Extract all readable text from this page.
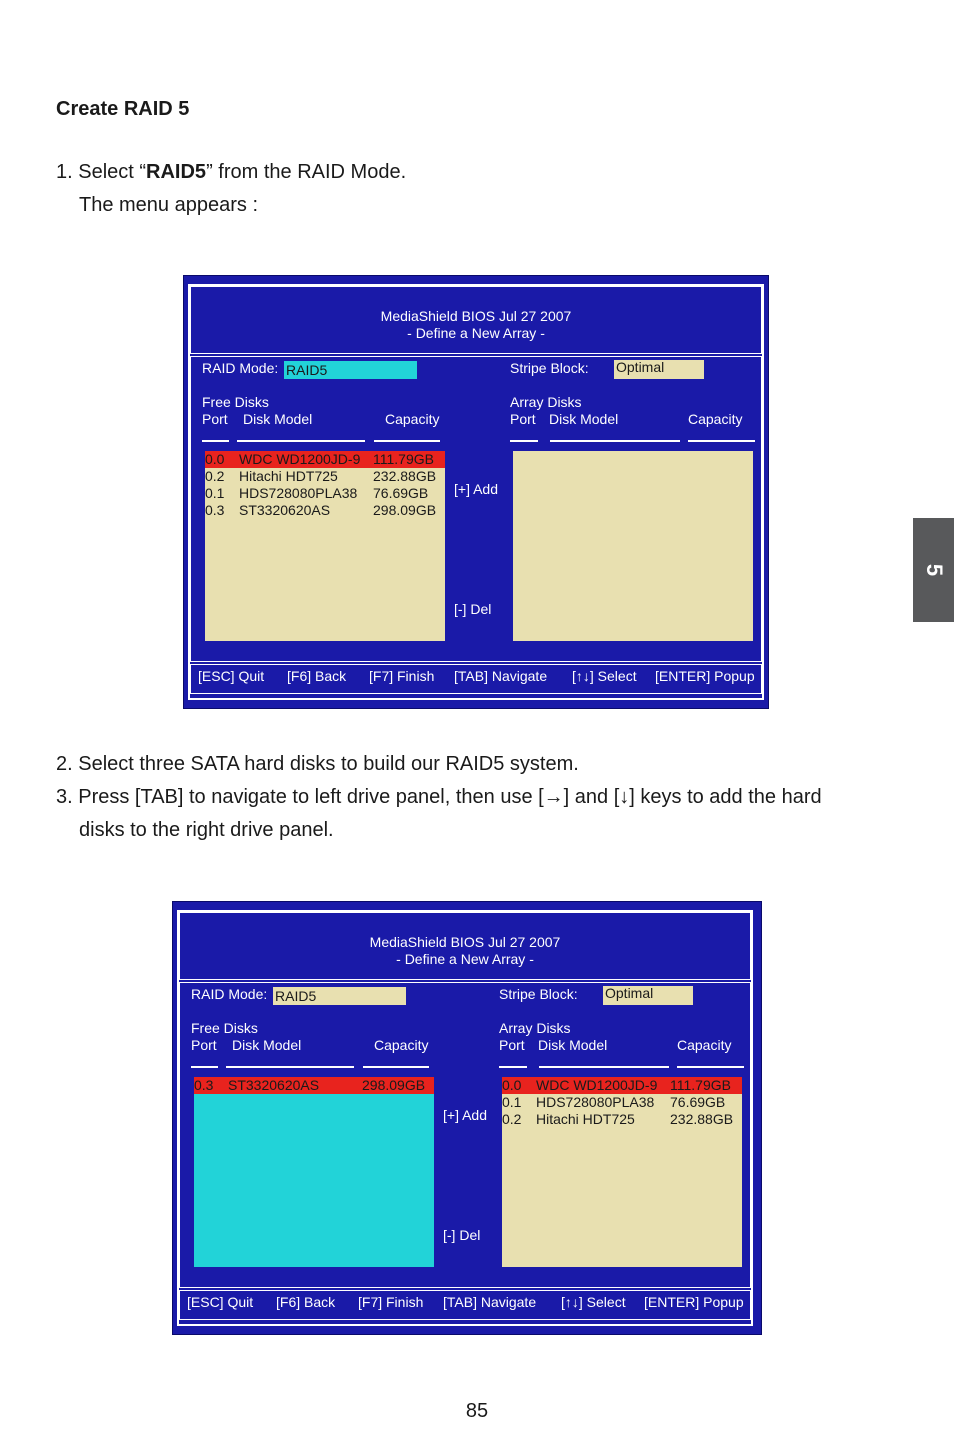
Create RAID 5
1. Select “RAID5” from the RAID Mode.
The menu appears :
MediaShield BIOS Jul 27 2007
- Define a New Array -
RAID Mode: RAID5	Stripe Block: Optimal
Free Disks
Port Disk Model	Capacity
Array Disks
Port Disk Model	Capacity
0.0 WDC WD1200JD-9 111.79GB
0.2 Hitachi HDT725	232.88GB
0.1 HDS728080PLA38 76.69GB
0.3 ST3320620AS	298.09GB
[+] Add
[-] Del
[ESC] Quit [F6] Back [F7] Finish [TAB] Navigate [↑↓] Select [ENTER] Popup
2. Select three SATA hard disks to build our RAID5 system.
3. Press [TAB] to navigate to left drive panel, then use [→] and [↓] keys to add the hard
disks to the right drive panel.
MediaShield BIOS Jul 27 2007
- Define a New Array -
RAID Mode: RAID5	Stripe Block: Optimal
Free Disks
Port Disk Model	Capacity
Array Disks
Port Disk Model	Capacity
0.3 ST3320620AS	298.09GB	0.0 WDC WD1200JD-9 111.79GB
0.1 HDS728080PLA38 76.69GB
0.2 Hitachi HDT725	232.88GB
[+] Add
[-] Del
[ESC] Quit [F6] Back [F7] Finish [TAB] Navigate [↑↓] Select [ENTER] Popup
5
85
